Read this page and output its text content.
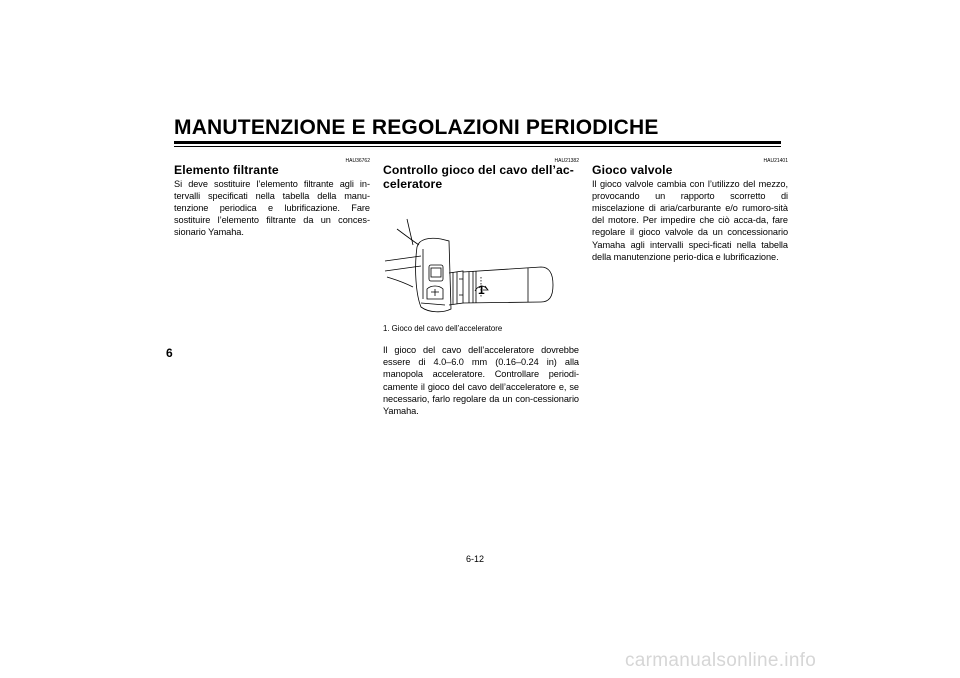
MANUTENZIONE E REGOLAZIONI PERIODICHE
6
HAU36762
Elemento filtrante

Si deve sostituire l’elemento filtrante agli in-tervalli specificati nella tabella della manu-tenzione periodica e lubrificazione. Fare sostituire l’elemento filtrante da un conces-sionario Yamaha.

HAU21382
Controllo gioco del cavo dell’ac-
celeratore
1
1. Gioco del cavo dell’acceleratore

Il gioco del cavo dell’acceleratore dovrebbe essere di 4.0–6.0 mm (0.16–0.24 in) alla manopola acceleratore. Controllare periodi-camente il gioco del cavo dell’acceleratore e, se necessario, farlo regolare da un con-cessionario Yamaha.

HAU21401
Gioco valvole

Il gioco valvole cambia con l’utilizzo del mezzo, provocando un rapporto scorretto di miscelazione di aria/carburante e/o rumoro-sità del motore. Per impedire che ciò acca-da, fare regolare il gioco valvole da un concessionario Yamaha agli intervalli speci-ficati nella tabella della manutenzione perio-dica e lubrificazione.

6-12
carmanualsonline.info
